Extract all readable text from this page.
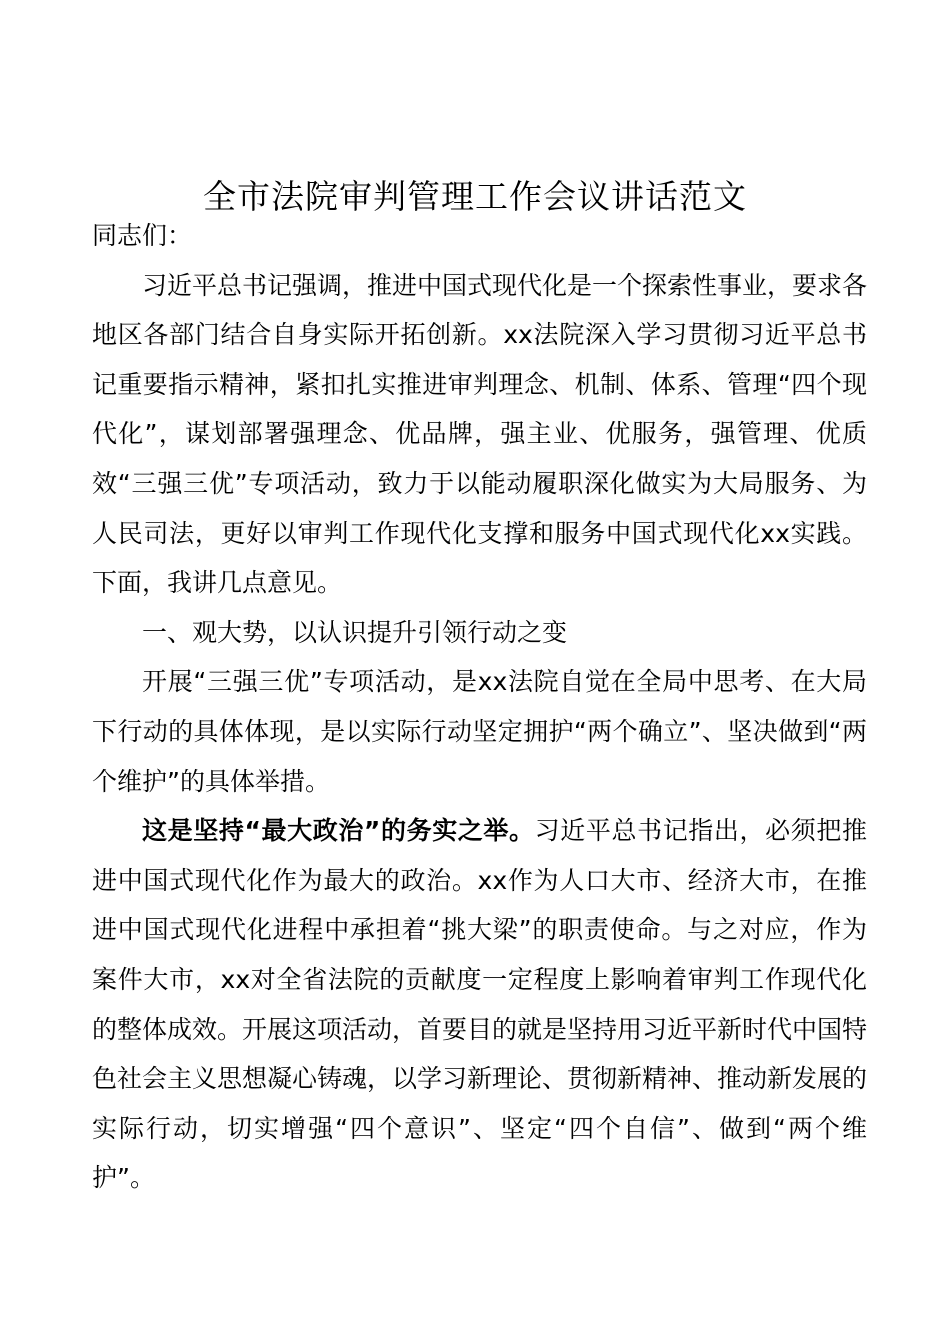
全市法院审判管理工作会议讲话范文

同志们：

习近平总书记强调，推进中国式现代化是一个探索性事业，要求各地区各部门结合自身实际开拓创新。xx法院深入学习贯彻习近平总书记重要指示精神，紧扣扎实推进审判理念、机制、体系、管理“四个现代化”，谋划部署强理念、优品牌，强主业、优服务，强管理、优质效“三强三优”专项活动，致力于以能动履职深化做实为大局服务、为人民司法，更好以审判工作现代化支撑和服务中国式现代化xx实践。下面，我讲几点意见。

一、观大势，以认识提升引领行动之变

开展“三强三优”专项活动，是xx法院自觉在全局中思考、在大局下行动的具体体现，是以实际行动坚定拥护“两个确立”、坚决做到“两个维护”的具体举措。

这是坚持“最大政治”的务实之举。习近平总书记指出，必须把推进中国式现代化作为最大的政治。xx作为人口大市、经济大市，在推进中国式现代化进程中承担着“挑大梁”的职责使命。与之对应，作为案件大市，xx对全省法院的贡献度一定程度上影响着审判工作现代化的整体成效。开展这项活动，首要目的就是坚持用习近平新时代中国特色社会主义思想凝心铸魂，以学习新理论、贯彻新精神、推动新发展的实际行动，切实增强“四个意识”、坚定“四个自信”、做到“两个维护”。
